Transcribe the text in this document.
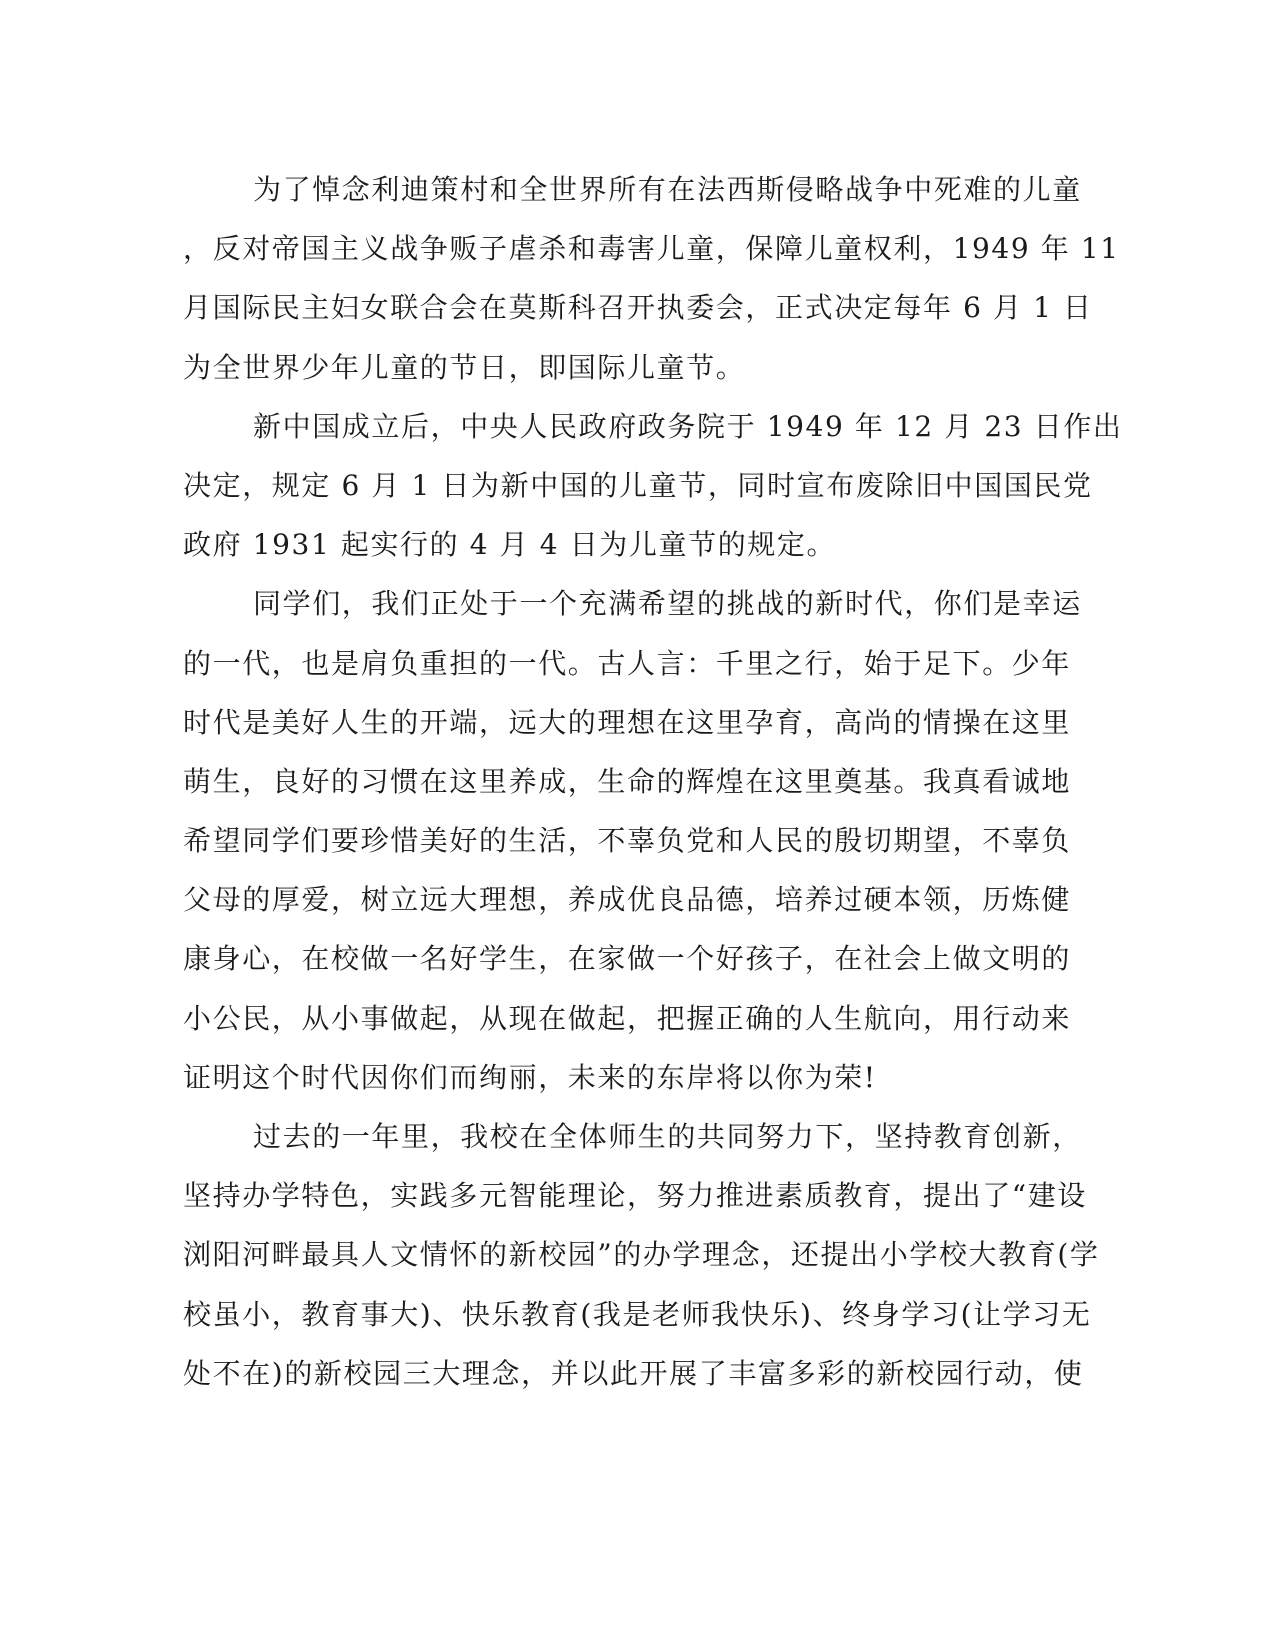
为了悼念利迪策村和全世界所有在法西斯侵略战争中死难的儿童
，反对帝国主义战争贩子虐杀和毒害儿童，保障儿童权利，1949 年 11
月国际民主妇女联合会在莫斯科召开执委会，正式决定每年 6 月 1 日
为全世界少年儿童的节日，即国际儿童节。
新中国成立后，中央人民政府政务院于 1949 年 12 月 23 日作出
决定，规定 6 月 1 日为新中国的儿童节，同时宣布废除旧中国国民党
政府 1931 起实行的 4 月 4 日为儿童节的规定。
同学们，我们正处于一个充满希望的挑战的新时代，你们是幸运
的一代，也是肩负重担的一代。古人言：千里之行，始于足下。少年
时代是美好人生的开端，远大的理想在这里孕育，高尚的情操在这里
萌生，良好的习惯在这里养成，生命的辉煌在这里奠基。我真看诚地
希望同学们要珍惜美好的生活，不辜负党和人民的殷切期望，不辜负
父母的厚爱，树立远大理想，养成优良品德，培养过硬本领，历炼健
康身心，在校做一名好学生，在家做一个好孩子，在社会上做文明的
小公民，从小事做起，从现在做起，把握正确的人生航向，用行动来
证明这个时代因你们而绚丽，未来的东岸将以你为荣!
过去的一年里，我校在全体师生的共同努力下，坚持教育创新，
坚持办学特色，实践多元智能理论，努力推进素质教育，提出了“建设
浏阳河畔最具人文情怀的新校园”的办学理念，还提出小学校大教育(学
校虽小，教育事大)、快乐教育(我是老师我快乐)、终身学习(让学习无
处不在)的新校园三大理念，并以此开展了丰富多彩的新校园行动，使
